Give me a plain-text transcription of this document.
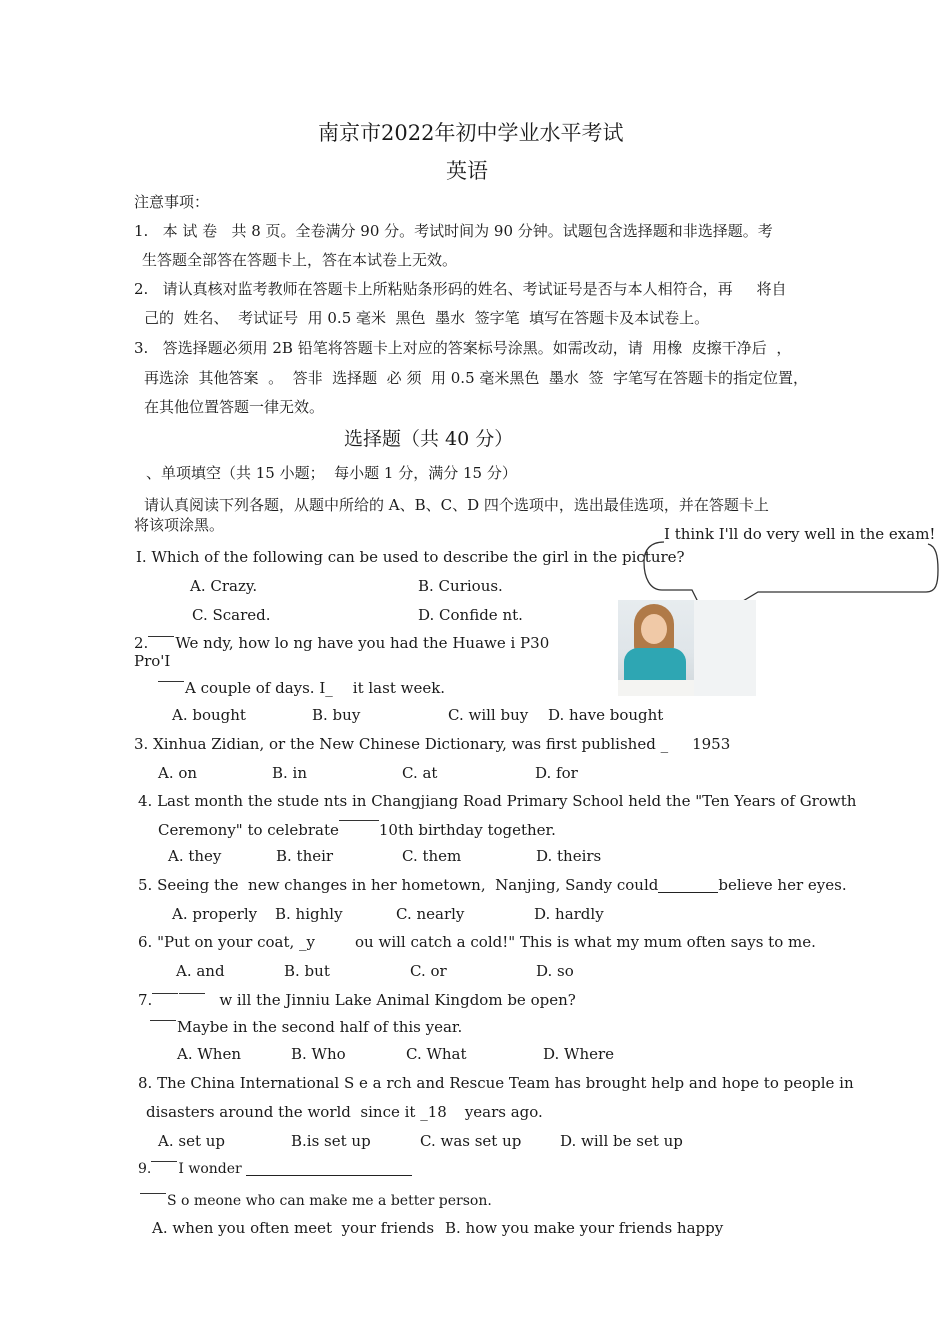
南京市2022年初中学业水平考试
英语
注意事项：
1.   本 试 卷   共 8 页。全卷满分 90 分。考试时间为 90 分钟。试题包含选择题和非选择题。考
生答题全部答在答题卡上，答在本试卷上无效。
2.   请认真核对监考教师在答题卡上所粘贴条形码的姓名、考试证号是否与本人相符合，再     将自
己的  姓名、  考试证号  用 0.5 毫米  黑色  墨水  签字笔  填写在答题卡及本试卷上。
3.   答选择题必须用 2B 铅笔将答题卡上对应的答案标号涂黑。如需改动，请  用橡  皮擦干净后  ，
再选涂  其他答案  。  答非  选择题  必 须  用 0.5 毫米黑色  墨水  签  字笔写在答题卡的指定位置，
在其他位置答题一律无效。
选择题（共 40 分）
、单项填空（共 15 小题；  每小题 1 分，满分 15 分）
请认真阅读下列各题，从题中所给的 A、B、C、D 四个选项中，选出最佳选项，并在答题卡上
将该项涂黑。	I think I'll do very well in the exam!
I. Which of the following can be used to describe the girl in the picture?
A. Crazy.	B. Curious.
C. Scared.	D. Confide nt.
2. We ndy, how lo ng have you had the Huawe i P30
Pro'I
A couple of days. I_ it last week.
A. bought	B. buy	C. will buy D. have bought
3. Xinhua Zidian, or the New Chinese Dictionary, was first published _ 1953
A. on	B. in	C. at	D. for
4. Last month the stude nts in Changjiang Road Primary School held the "Ten Years of Growth
Ceremony" to celebrate	10th birthday together.
A. they	B. their	C. them	D. theirs
5. Seeing the  new changes in her hometown,  Nanjing, Sandy could	believe her eyes.
A. properly B. highly	C. nearly	D. hardly
6. "Put on your coat, _y	ou will catch a cold!" This is what my mum often says to me.
A. and	B. but	C. or	D. so
7.	w ill the Jinniu Lake Animal Kingdom be open?
Maybe in the second half of this year.
A. When	B. Who	C. What	D. Where
8. The China International S e a rch and Rescue Team has brought help and hope to people in
disasters around the world  since it _18 years ago.
A. set up	B.is set up	C. was set up	D. will be set up
9. I wonder
S o meone who can make me a better person.
A. when you often meet  your friends B. how you make your friends happy
